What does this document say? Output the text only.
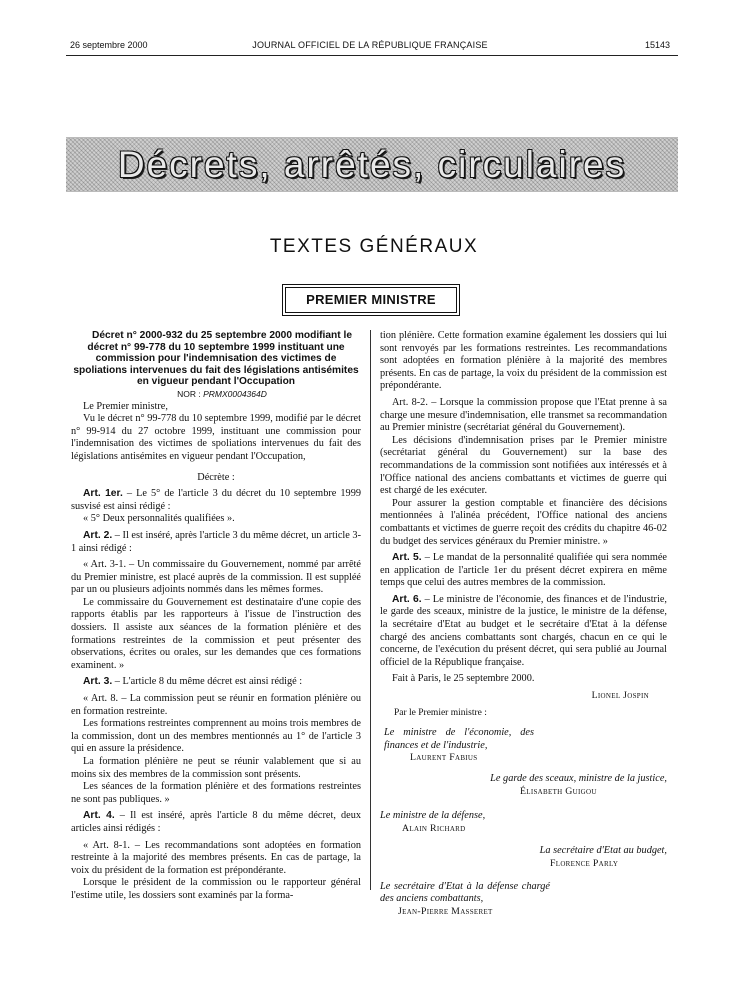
26 septembre 2000	JOURNAL OFFICIEL DE LA RÉPUBLIQUE FRANÇAISE	15143
Décrets, arrêtés, circulaires
TEXTES GÉNÉRAUX
PREMIER MINISTRE

Décret n° 2000-932 du 25 septembre 2000 modifiant le décret n° 99-778 du 10 septembre 1999 instituant une commission pour l'indemnisation des victimes de spoliations intervenues du fait des législations antisémites en vigueur pendant l'Occupation

NOR : PRMX0004364D

Le Premier ministre,

Vu le décret n° 99-778 du 10 septembre 1999, modifié par le décret n° 99-914 du 27 octobre 1999, instituant une commission pour l'indemnisation des victimes de spoliations intervenues du fait des législations antisémites en vigueur pendant l'Occupation,

Décrète :

Art. 1er. – Le 5° de l'article 3 du décret du 10 septembre 1999 susvisé est ainsi rédigé :

« 5° Deux personnalités qualifiées ».

Art. 2. – Il est inséré, après l'article 3 du même décret, un article 3-1 ainsi rédigé :

« Art. 3-1. – Un commissaire du Gouvernement, nommé par arrêté du Premier ministre, est placé auprès de la commission. Il est suppléé par un ou plusieurs adjoints nommés dans les mêmes formes.

Le commissaire du Gouvernement est destinataire d'une copie des rapports établis par les rapporteurs à l'issue de l'instruction des dossiers. Il assiste aux séances de la formation plénière et des formations restreintes de la commission et peut présenter des observations, écrites ou orales, sur les demandes que ces formations examinent. »

Art. 3. – L'article 8 du même décret est ainsi rédigé :

« Art. 8. – La commission peut se réunir en formation plénière ou en formation restreinte.

Les formations restreintes comprennent au moins trois membres de la commission, dont un des membres mentionnés au 1° de l'article 3 qui en assure la présidence.

La formation plénière ne peut se réunir valablement que si au moins six des membres de la commission sont présents.

Les séances de la formation plénière et des formations restreintes ne sont pas publiques. »

Art. 4. – Il est inséré, après l'article 8 du même décret, deux articles ainsi rédigés :

« Art. 8-1. – Les recommandations sont adoptées en formation restreinte à la majorité des membres présents. En cas de partage, la voix du président de la formation est prépondérante.

Lorsque le président de la commission ou le rapporteur général l'estime utile, les dossiers sont examinés par la forma-

tion plénière. Cette formation examine également les dossiers qui lui sont renvoyés par les formations restreintes. Les recommandations sont adoptées en formation plénière à la majorité des membres présents. En cas de partage, la voix du président de la commission est prépondérante.

Art. 8-2. – Lorsque la commission propose que l'Etat prenne à sa charge une mesure d'indemnisation, elle transmet sa recommandation au Premier ministre (secrétariat général du Gouvernement).

Les décisions d'indemnisation prises par le Premier ministre (secrétariat général du Gouvernement) sur la base des recommandations de la commission sont notifiées aux intéressés et à l'Office national des anciens combattants et victimes de guerre qui est chargé de les exécuter.

Pour assurer la gestion comptable et financière des décisions mentionnées à l'alinéa précédent, l'Office national des anciens combattants et victimes de guerre reçoit des crédits du chapitre 46-02 du budget des services généraux du Premier ministre. »

Art. 5. – Le mandat de la personnalité qualifiée qui sera nommée en application de l'article 1er du présent décret expirera en même temps que celui des autres membres de la commission.

Art. 6. – Le ministre de l'économie, des finances et de l'industrie, le garde des sceaux, ministre de la justice, le ministre de la défense, la secrétaire d'Etat au budget et le secrétaire d'Etat à la défense chargé des anciens combattants sont chargés, chacun en ce qui le concerne, de l'exécution du présent décret, qui sera publié au Journal officiel de la République française.

Fait à Paris, le 25 septembre 2000.

Lionel Jospin

Par le Premier ministre :

Le ministre de l'économie, des finances et de l'industrie,

Laurent Fabius

Le garde des sceaux, ministre de la justice,

Élisabeth Guigou

Le ministre de la défense,

Alain Richard

La secrétaire d'Etat au budget,

Florence Parly

Le secrétaire d'Etat à la défense chargé des anciens combattants,

Jean-Pierre Masseret
